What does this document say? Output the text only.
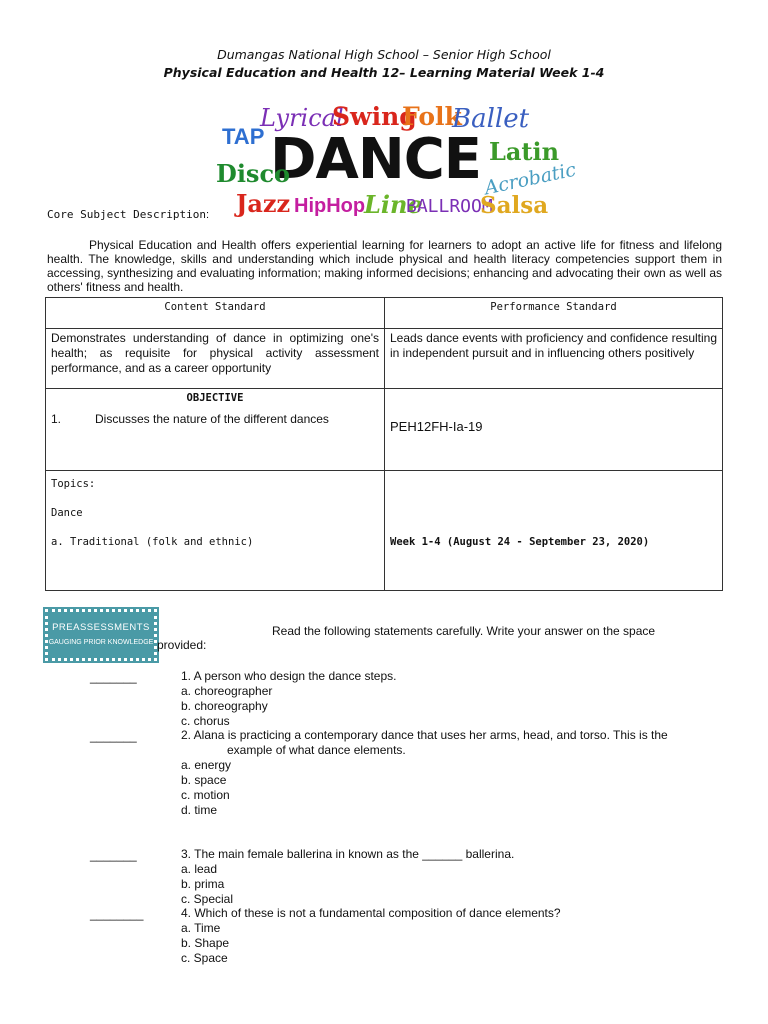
Dumangas National High School – Senior High School
Physical Education and Health 12– Learning Material Week 1-4
Lyrical
Swing
Folk
Ballet
TAP DANCE Latin
Disco	Acrobatic
Jazz HipHop
Line
BALLROOM
Salsa
Core Subject Description:

Physical Education and Health offers experiential learning for learners to adopt an active life for fitness and lifelong health. The knowledge, skills and understanding which include physical and health literacy competencies support them in accessing, synthesizing and evaluating information; making informed decisions; enhancing and advocating their own as well as others' fitness and health.

Content Standard	Performance Standard
Demonstrates understanding of dance in optimizing one's health; as requisite for physical activity assessment performance, and as a career opportunity	Leads dance events with proficiency and confidence resulting in independent pursuit and in influencing others positively

OBJECTIVE
1. Discusses the nature of the different dances	PEH12FH-Ia-19

Topics:
Dance
a. Traditional (folk and ethnic)	Week 1-4 (August 24 - September 23, 2020)
PREASSESSMENTS
GAUGING PRIOR KNOWLEDGE
Read the following statements carefully. Write your answer on the space
provided:
_______	1. A person who design the dance steps.
a. choreographer
b. choreography
c. chorus
_______	2. Alana is practicing a contemporary dance that uses her arms, head, and torso. This is the
example of what dance elements.
a. energy
b. space
c. motion
d. time
_______	3. The main female ballerina in known as the ______ ballerina.
a. lead
b. prima
c. Special
________	4. Which of these is not a fundamental composition of dance elements?
a. Time
b. Shape
c. Space
